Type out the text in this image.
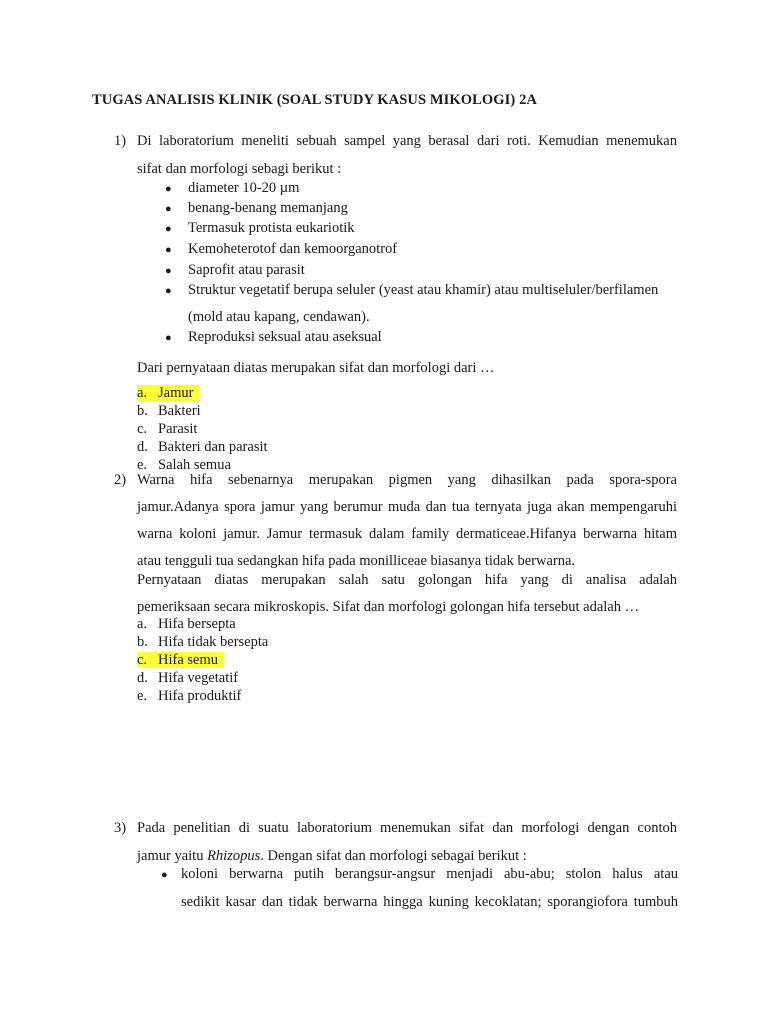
TUGAS ANALISIS KLINIK (SOAL STUDY KASUS MIKOLOGI) 2A
1) Di laboratorium meneliti sebuah sampel yang berasal dari roti. Kemudian menemukan
sifat dan morfologi sebagi berikut :
● diameter 10-20 µm
● benang-benang memanjang
● Termasuk protista eukariotik
● Kemoheterotof dan kemoorganotrof
● Saprofit atau parasit
● Struktur vegetatif berupa seluler (yeast atau khamir) atau multiseluler/berfilamen
(mold atau kapang, cendawan).
● Reproduksi seksual atau aseksual
Dari pernyataan diatas merupakan sifat dan morfologi dari …
a. Jamur
b. Bakteri
c. Parasit
d. Bakteri dan parasit
e. Salah semua
2) Warna hifa sebenarnya merupakan pigmen yang dihasilkan pada spora-spora
jamur.Adanya spora jamur yang berumur muda dan tua ternyata juga akan mempengaruhi
warna koloni jamur. Jamur termasuk dalam family dermaticeae.Hifanya berwarna hitam
atau tengguli tua sedangkan hifa pada monilliceae biasanya tidak berwarna.
Pernyataan diatas merupakan salah satu golongan hifa yang di analisa adalah
pemeriksaan secara mikroskopis. Sifat dan morfologi golongan hifa tersebut adalah …
a. Hifa bersepta
b. Hifa tidak bersepta
c. Hifa semu
d. Hifa vegetatif
e. Hifa produktif
3) Pada penelitian di suatu laboratorium menemukan sifat dan morfologi dengan contoh
jamur yaitu Rhizopus. Dengan sifat dan morfologi sebagai berikut :
● koloni berwarna putih berangsur-angsur menjadi abu-abu; stolon halus atau
sedikit kasar dan tidak berwarna hingga kuning kecoklatan; sporangiofora tumbuh
